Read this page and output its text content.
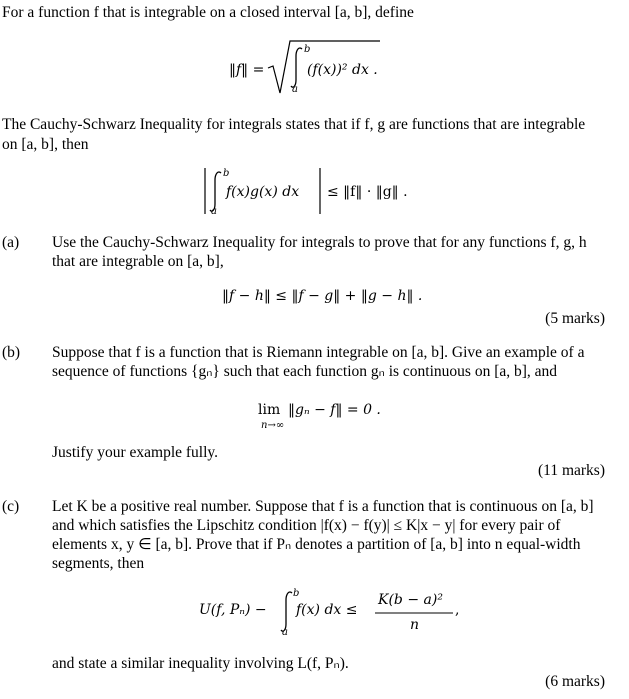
For a function f that is integrable on a closed interval [a, b], define
‖f‖ =
b
a
(f(x))² dx .
The Cauchy-Schwarz Inequality for integrals states that if f, g are functions that are integrable
on [a, b], then
b
a
f(x)g(x) dx ≤ ‖f‖ · ‖g‖ .
(a) Use the Cauchy-Schwarz Inequality for integrals to prove that for any functions f, g, h
that are integrable on [a, b],
‖f − h‖ ≤ ‖f − g‖ + ‖g − h‖ .
(5 marks)
(b) Suppose that f is a function that is Riemann integrable on [a, b]. Give an example of a
sequence of functions {gₙ} such that each function gₙ is continuous on [a, b], and
lim
n→∞
‖gₙ − f‖ = 0 .
Justify your example fully.
(11 marks)
(c) Let K be a positive real number. Suppose that f is a function that is continuous on [a, b]
and which satisfies the Lipschitz condition |f(x) − f(y)| ≤ K|x − y| for every pair of
elements x, y ∈ [a, b]. Prove that if Pₙ denotes a partition of [a, b] into n equal-width
segments, then
U(f, Pₙ) −
b
a
f(x) dx ≤
K(b − a)²
n
,
and state a similar inequality involving L(f, Pₙ).
(6 marks)
